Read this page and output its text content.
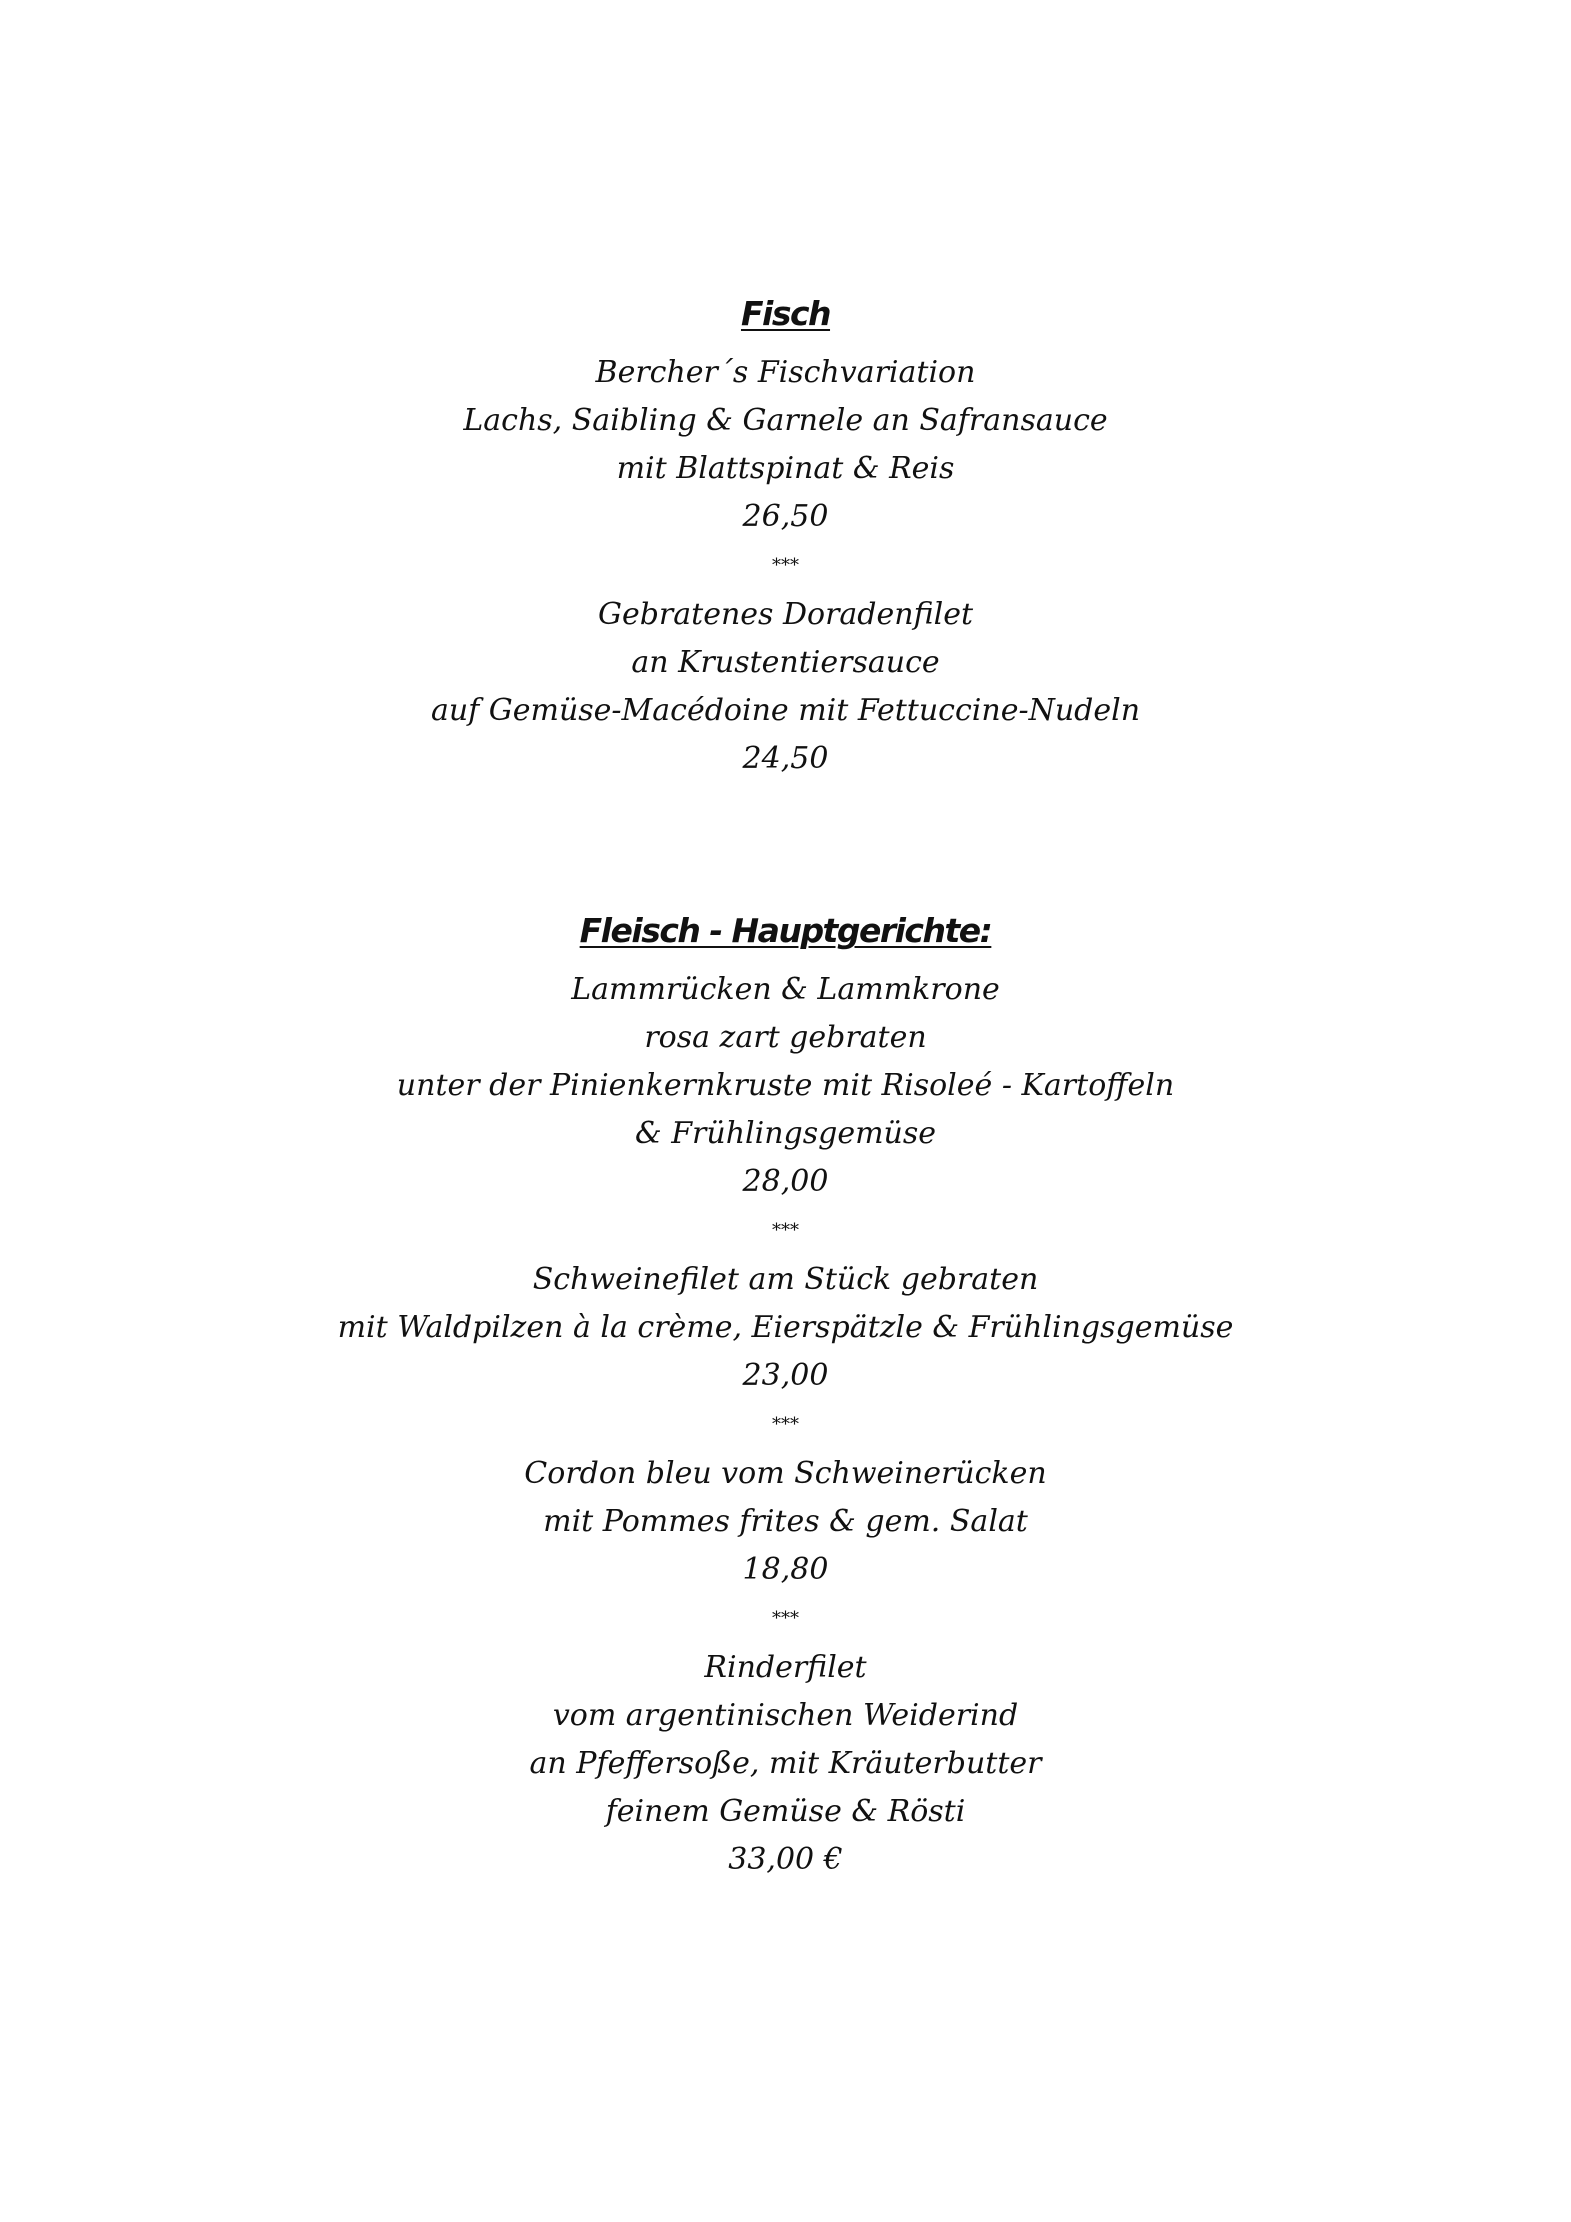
Fisch
Bercher´s Fischvariation
Lachs, Saibling & Garnele an Safransauce
mit Blattspinat & Reis
26,50
***
Gebratenes Doradenfilet
an Krustentiersauce
auf Gemüse-Macédoine mit Fettuccine-Nudeln
24,50
Fleisch - Hauptgerichte:
Lammrücken & Lammkrone
rosa zart gebraten
unter der Pinienkernkruste mit Risoleé - Kartoffeln
& Frühlingsgemüse
28,00
***
Schweinefilet am Stück gebraten
mit Waldpilzen à la crème, Eierspätzle & Frühlingsgemüse
23,00
***
Cordon bleu vom Schweinerücken
mit Pommes frites & gem. Salat
18,80
***
Rinderfilet
vom argentinischen Weiderind
an Pfeffersoße, mit Kräuterbutter
feinem Gemüse & Rösti
33,00 €
